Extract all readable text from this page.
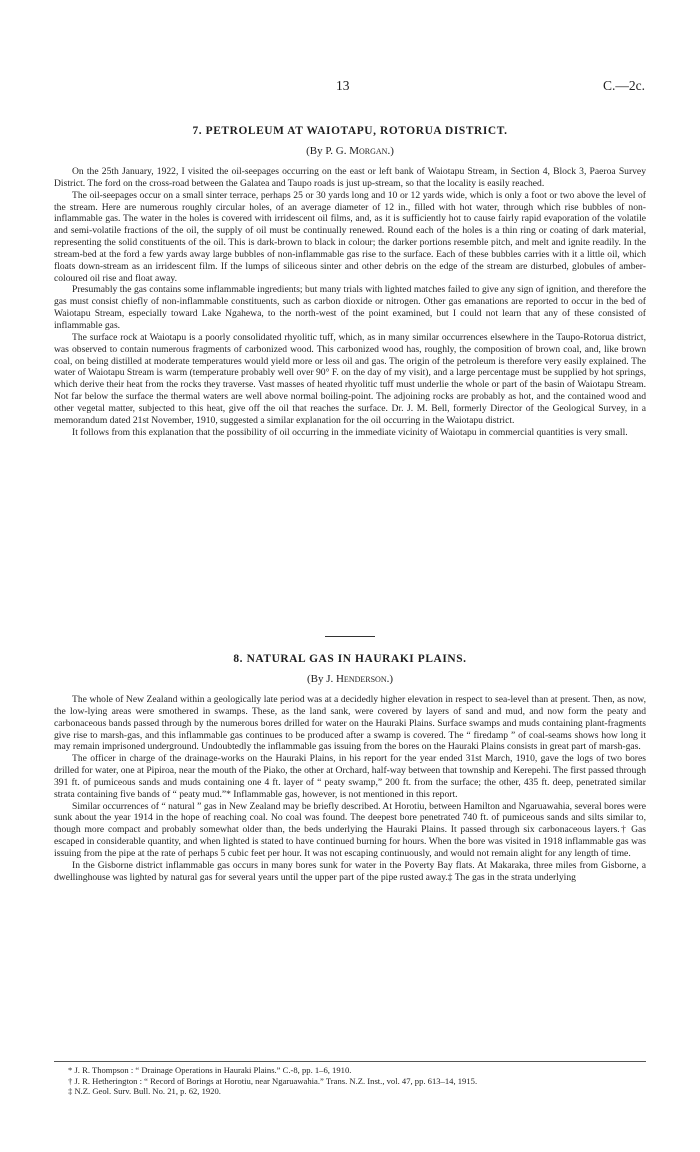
13	C.—2c.
7. PETROLEUM AT WAIOTAPU, ROTORUA DISTRICT.
(By P. G. Morgan.)

On the 25th January, 1922, I visited the oil-seepages occurring on the east or left bank of Waiotapu Stream, in Section 4, Block 3, Paeroa Survey District. The ford on the cross-road between the Galatea and Taupo roads is just up-stream, so that the locality is easily reached.

The oil-seepages occur on a small sinter terrace, perhaps 25 or 30 yards long and 10 or 12 yards wide, which is only a foot or two above the level of the stream. Here are numerous roughly circular holes, of an average diameter of 12 in., filled with hot water, through which rise bubbles of non-inflammable gas. The water in the holes is covered with irridescent oil films, and, as it is sufficiently hot to cause fairly rapid evaporation of the volatile and semi-volatile fractions of the oil, the supply of oil must be continually renewed. Round each of the holes is a thin ring or coating of dark material, representing the solid constituents of the oil. This is dark-brown to black in colour; the darker portions resemble pitch, and melt and ignite readily. In the stream-bed at the ford a few yards away large bubbles of non-inflammable gas rise to the surface. Each of these bubbles carries with it a little oil, which floats down-stream as an irridescent film. If the lumps of siliceous sinter and other debris on the edge of the stream are disturbed, globules of amber-coloured oil rise and float away.

Presumably the gas contains some inflammable ingredients; but many trials with lighted matches failed to give any sign of ignition, and therefore the gas must consist chiefly of non-inflammable constituents, such as carbon dioxide or nitrogen. Other gas emanations are reported to occur in the bed of Waiotapu Stream, especially toward Lake Ngahewa, to the north-west of the point examined, but I could not learn that any of these consisted of inflammable gas.

The surface rock at Waiotapu is a poorly consolidated rhyolitic tuff, which, as in many similar occurrences elsewhere in the Taupo-Rotorua district, was observed to contain numerous fragments of carbonized wood. This carbonized wood has, roughly, the composition of brown coal, and, like brown coal, on being distilled at moderate temperatures would yield more or less oil and gas. The origin of the petroleum is therefore very easily explained. The water of Waiotapu Stream is warm (temperature probably well over 90° F. on the day of my visit), and a large percentage must be supplied by hot springs, which derive their heat from the rocks they traverse. Vast masses of heated rhyolitic tuff must underlie the whole or part of the basin of Waiotapu Stream. Not far below the surface the thermal waters are well above normal boiling-point. The adjoining rocks are probably as hot, and the contained wood and other vegetal matter, subjected to this heat, give off the oil that reaches the surface. Dr. J. M. Bell, formerly Director of the Geological Survey, in a memorandum dated 21st November, 1910, suggested a similar explanation for the oil occurring in the Waiotapu district.

It follows from this explanation that the possibility of oil occurring in the immediate vicinity of Waiotapu in commercial quantities is very small.

8. NATURAL GAS IN HAURAKI PLAINS.
(By J. Henderson.)

The whole of New Zealand within a geologically late period was at a decidedly higher elevation in respect to sea-level than at present. Then, as now, the low-lying areas were smothered in swamps. These, as the land sank, were covered by layers of sand and mud, and now form the peaty and carbonaceous bands passed through by the numerous bores drilled for water on the Hauraki Plains. Surface swamps and muds containing plant-fragments give rise to marsh-gas, and this inflammable gas continues to be produced after a swamp is covered. The “ firedamp ” of coal-seams shows how long it may remain imprisoned underground. Undoubtedly the inflammable gas issuing from the bores on the Hauraki Plains consists in great part of marsh-gas.

The officer in charge of the drainage-works on the Hauraki Plains, in his report for the year ended 31st March, 1910, gave the logs of two bores drilled for water, one at Pipiroa, near the mouth of the Piako, the other at Orchard, half-way between that township and Kerepehi. The first passed through 391 ft. of pumiceous sands and muds containing one 4 ft. layer of “ peaty swamp,” 200 ft. from the surface; the other, 435 ft. deep, penetrated similar strata containing five bands of “ peaty mud.”* Inflammable gas, however, is not mentioned in this report.

Similar occurrences of “ natural ” gas in New Zealand may be briefly described. At Horotiu, between Hamilton and Ngaruawahia, several bores were sunk about the year 1914 in the hope of reaching coal. No coal was found. The deepest bore penetrated 740 ft. of pumiceous sands and silts similar to, though more compact and probably somewhat older than, the beds underlying the Hauraki Plains. It passed through six carbonaceous layers.† Gas escaped in considerable quantity, and when lighted is stated to have continued burning for hours. When the bore was visited in 1918 inflammable gas was issuing from the pipe at the rate of perhaps 5 cubic feet per hour. It was not escaping continuously, and would not remain alight for any length of time.

In the Gisborne district inflammable gas occurs in many bores sunk for water in the Poverty Bay flats. At Makaraka, three miles from Gisborne, a dwellinghouse was lighted by natural gas for several years until the upper part of the pipe rusted away.‡ The gas in the strata underlying

* J. R. Thompson : “ Drainage Operations in Hauraki Plains.” C.-8, pp. 1–6, 1910.

† J. R. Hetherington : “ Record of Borings at Horotiu, near Ngaruawahia.” Trans. N.Z. Inst., vol. 47, pp. 613–14, 1915.

‡ N.Z. Geol. Surv. Bull. No. 21, p. 62, 1920.
